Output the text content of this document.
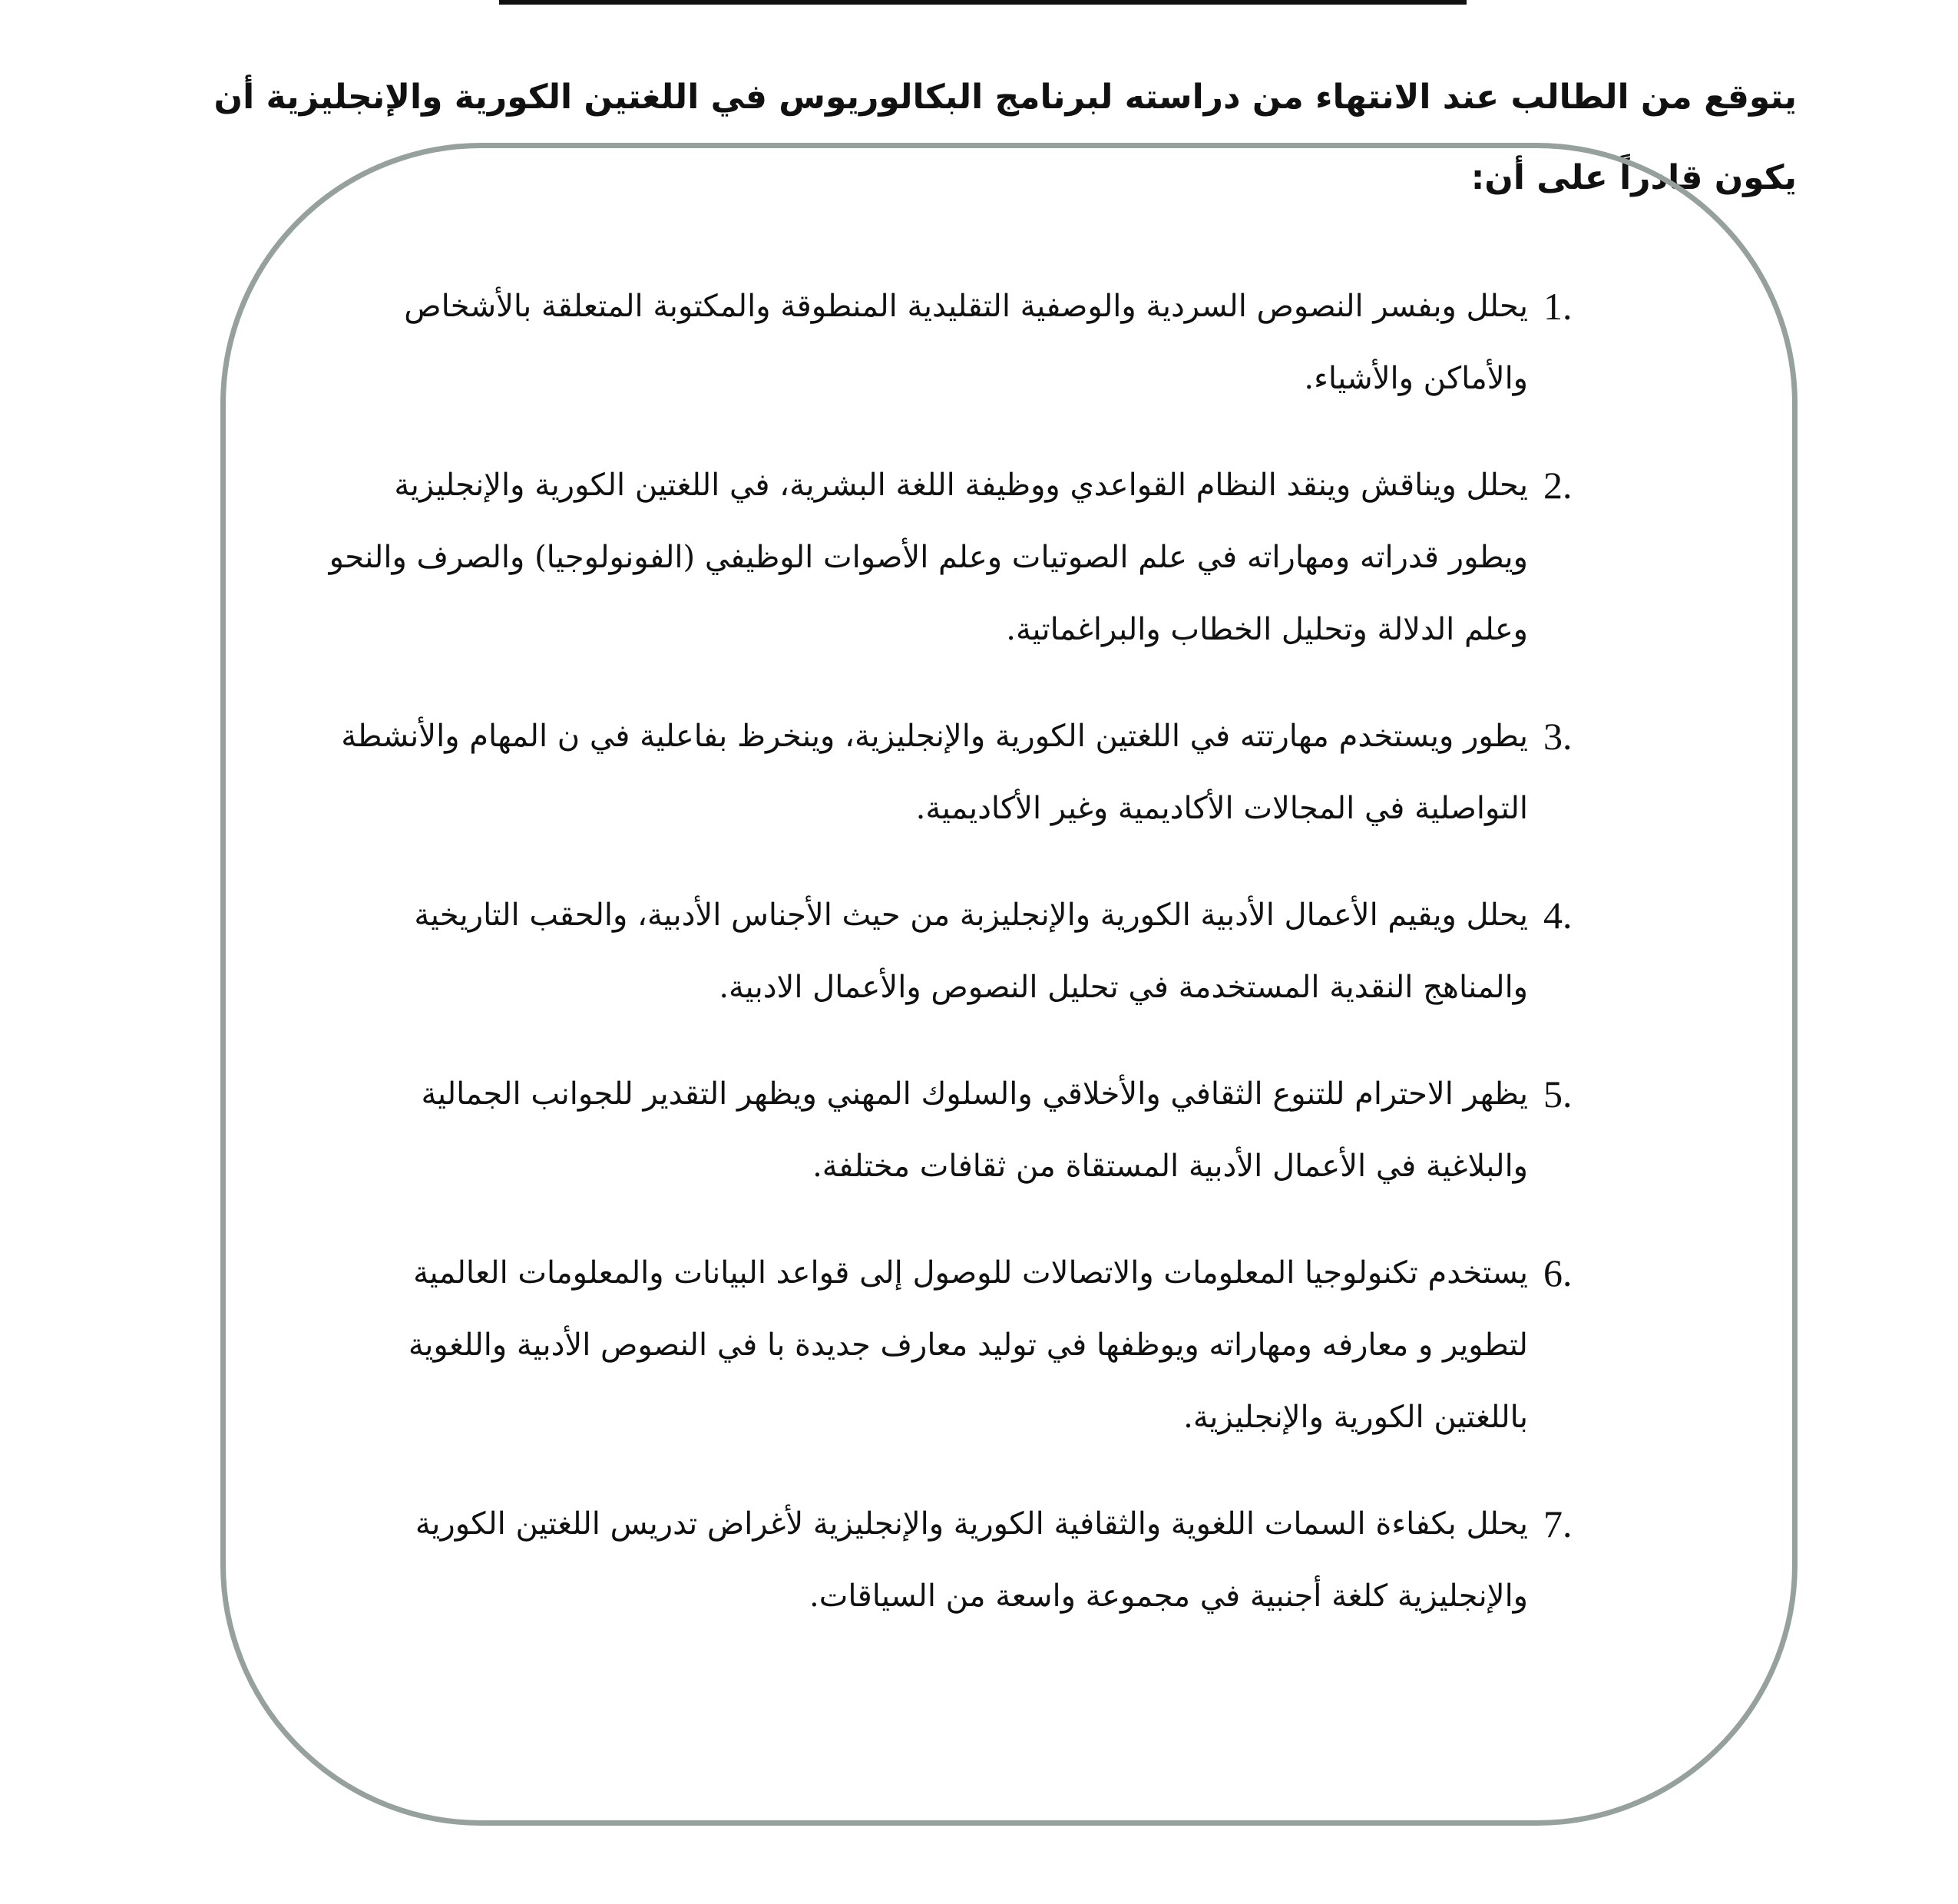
يتوقع من الطالب عند الانتهاء من دراسته لبرنامج البكالوريوس في اللغتين الكورية والإنجليزية أن يكون قادراً على أن:

1.
يحلل وبفسر النصوص السردية والوصفية التقليدية المنطوقة والمكتوبة المتعلقة بالأشخاص والأماكن والأشياء.
2.
يحلل ويناقش وينقد النظام القواعدي ووظيفة اللغة البشرية، في اللغتين الكورية والإنجليزية ويطور قدراته ومهاراته في علم الصوتيات وعلم الأصوات الوظيفي (الفونولوجيا) والصرف والنحو وعلم الدلالة وتحليل الخطاب والبراغماتية.
3.
يطور ويستخدم مهارتته في اللغتين الكورية والإنجليزية، وينخرظ بفاعلية في ن المهام والأنشطة التواصلية في المجالات الأكاديمية وغير الأكاديمية.
4.
يحلل ويقيم الأعمال الأدبية الكورية والإنجليزبة من حيث الأجناس الأدبية، والحقب التاريخية والمناهج النقدية المستخدمة في تحليل النصوص والأعمال الادبية.
5.
يظهر الاحترام للتنوع الثقافي والأخلاقي والسلوك المهني ويظهر التقدير للجوانب الجمالية والبلاغية في الأعمال الأدبية المستقاة من ثقافات مختلفة.
6.
يستخدم تكنولوجيا المعلومات والاتصالات للوصول إلى قواعد البيانات والمعلومات العالمية لتطوير و معارفه ومهاراته ويوظفها في توليد معارف جديدة با في النصوص الأدبية واللغوية باللغتين الكورية والإنجليزية.
7.
يحلل بكفاءة السمات اللغوية والثقافية الكورية والإنجليزية لأغراض تدريس اللغتين الكورية والإنجليزية كلغة أجنبية في مجموعة واسعة من السياقات.
